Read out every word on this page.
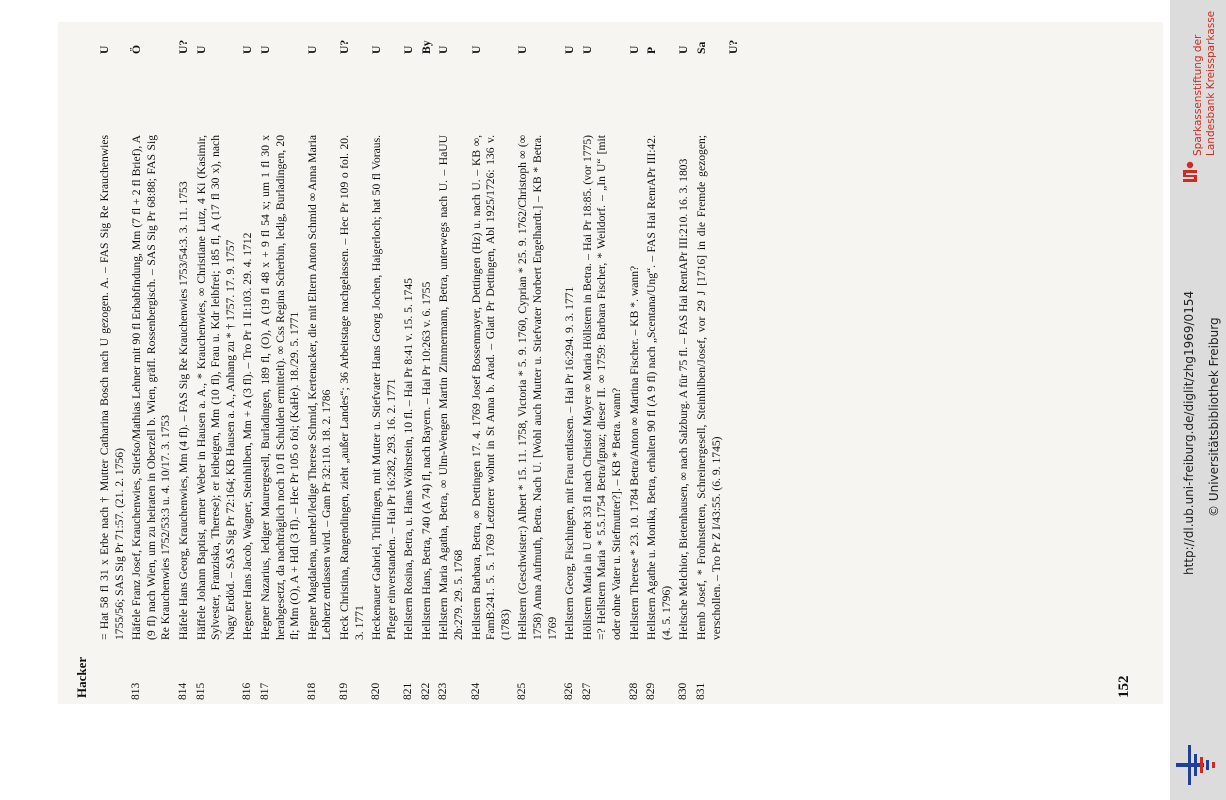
Hacker
= Hat 58 fl 31 x Erbe nach † Mutter Catharina Bosch nach U gezogen. A. – FAS Sig Re Krauchenwies 1755/56; SAS Sig Pr 71:57. (21. 2. 1756)
U
813
Häfele Franz Josef, Krauchenwies, Stiefso/Mathias Lehner mit 90 fl Erbabfindung, Mm (7 fl + 2 fl Brief), A (9 fl) nach Wien, um zu heiraten in Oberzell b. Wien, gräfl. Rossenbergisch. – SAS Sig Pr 68:88; FAS Sig Re Krauchenwies 1752/53:3 u. 4. 10/17. 3. 1753
Ö
814
Häfele Hans Georg, Krauchenwies, Mm (4 fl). – FAS Sig Re Krauchenwies 1753/54:3. 3. 11. 1753
U?
815
Häffele Johann Baptist, armer Weber in Hausen a. A., * Krauchenwies, ∞ Christiane Lutz, 4 Ki (Kasimir, Sylvester, Franziska, Therese); er leibeigen, Mm (10 fl), Frau u. Kdr leibfrei; 185 fl, A (17 fl 30 x), nach Nagy Erdöd. – SAS Sig Pr 72:164; KB Hausen a. A., Anhang zu * † 1757. 17. 9. 1757
U
816
Hegener Hans Jacob, Wagner, Steinhilben, Mm + A (3 fl). – Tro Pr 1 II:103. 29. 4. 1712
U
817
Hegner Nazarius, lediger Maurergesell, Burladingen, 189 fl, (O), A (19 fl 48 x + 9 fl 54 x; um 1 fl 30 x herabgesetzt, da nachträglich noch 10 fl Schulden ermittelt). ∞ Css Regina Scherbin, ledig, Burladingen, 20 fl; Mm (O), A + Hdl (3 fl). – Hec Pr 105 o fol; (KaHe). 18./29. 5. 1771
U
818
Hegner Magdalena, unehel/ledige Therese Schmid, Kertenacker, die mit Eltern Anton Schmid ∞ Anna Maria Lebherz entlassen wird. – Gam Pr 32:110. 18. 2. 1786
U
819
Heck Christina, Rangendingen, zieht „außer Landes“; 36 Arbeitstage nachgelassen. – Hec Pr 109 o fol. 20. 3. 1771
U?
820
Heckenauer Gabriel, Trillfingen, mit Mutter u. Stiefvater Hans Georg Jochen, Haigerloch; hat 50 fl Voraus. Pfleger einverstanden. – Hai Pr 16:282, 293. 16. 2. 1771
U
821
Hellstern Rosina, Betra, u. Hans Wöhrstein, 10 fl. – Hai Pr 8:41 v. 15. 5. 1745
U
822
Hellstern Hans, Betra, 740 (A 74) fl, nach Bayern. – Hai Pr 10:263 v. 6. 1755
By
823
Hellstern Maria Agatha, Betra, ∞ Ulm-Wengen Martin Zimmermann, Betra, unterwegs nach U. – HaUU 2b:279. 29. 5. 1768
U
824
Hellstern Barbara, Betra, ∞ Dettingen 17. 4. 1769 Josef Bossenmayer, Dettingen (Hz) u. nach U. – KB ∞, FamB:241. 5. 5. 1769 Letzterer wohnt in St Anna b. Arad. – Glatt Pr Dettingen, Abl 1925/1726: 136 v. (1783)
U
825
Hellstern (Geschwister:) Albert * 15. 11. 1758, Victoria * 5. 9. 1760, Cyprian * 25. 9. 1762/Christoph ∞ (∞ 1758) Anna Aufmuth, Betra. Nach U. [Wohl auch Mutter u. Stiefvater Norbert Engelhardt.] – KB * Betra. 1769
U
826
Hellstern Georg, Fischingen, mit Frau entlassen. – Hai Pr 16:294. 9. 3. 1771
U
827
Höllstern Maria in U erbt 33 fl nach Christof Mayer ∞ Maria Höllstern in Betra. – Hai Pr 18:85. (vor 1775) =? Hellstern Maria * 5.5.1754 Betra/Ignaz; dieser II. ∞ 1759: Barbara Fischer, * Weildorf. – „In U“ [mit oder ohne Vater u. Stiefmutter?]. – KB * Betra. wann?
U
828
Hellstern Therese * 23. 10. 1784 Betra/Anton ∞ Martina Fischer. – KB *. wann?
U
829
Hellstern Agathe u. Monika, Betra, erhalten 90 fl (A 9 fl) nach „Scentana/Ung“. – FAS Hai RenrAPr III:42. (4. 5. 1796)
P
830
Heltsche Melchior, Bietenhausen, ∞ nach Salzburg. A für 75 fl. – FAS Hai RentAPr III:210. 16. 3. 1803
U
831
Hemb Josef, * Frohnstetten, Schreinergesell, Steinhilben/Josef, vor 29 J [1716] in die Fremde gezogen; verschollen. – Tro Pr Z I/43:55. (6. 9. 1745)
Sa U?
152
Sparkassenstiftung der Landesbank Kreissparkasse
http://dl.ub.uni-freiburg.de/diglit/zhg1969/0154 © Universitätsbibliothek Freiburg
